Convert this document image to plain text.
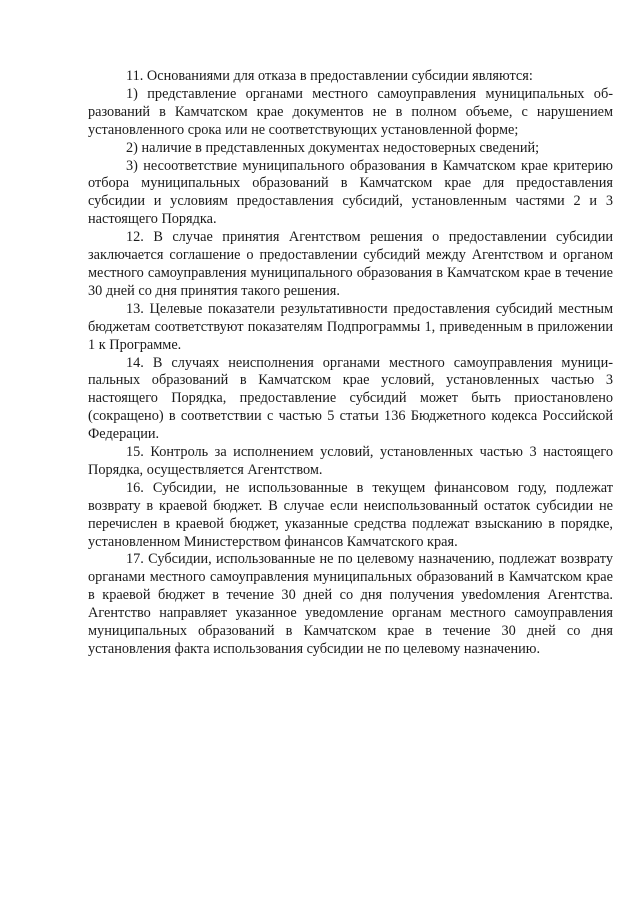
11. Основаниями для отказа в предоставлении субсидии являются:

1) представление органами местного самоуправления муниципальных образований в Камчатском крае документов не в полном объеме, с нарушением установленного срока или не соответствующих установленной форме;

2) наличие в представленных документах недостоверных сведений;

3) несоответствие муниципального образования в Камчатском крае критерию отбора муниципальных образований в Камчатском крае для предоставления субсидии и условиям предоставления субсидий, установленным частями 2 и 3 настоящего Порядка.

12. В случае принятия Агентством решения о предоставлении субсидии заключается соглашение о предоставлении субсидий между Агентством и органом местного самоуправления муниципального образования в Камчатском крае в течение 30 дней со дня принятия такого решения.

13. Целевые показатели результативности предоставления субсидий местным бюджетам соответствуют показателям Подпрограммы 1, приведенным в приложении 1 к Программе.

14. В случаях неисполнения органами местного самоуправления муниципальных образований в Камчатском крае условий, установленных частью 3 настоящего Порядка, предоставление субсидий может быть приостановлено (сокращено) в соответствии с частью 5 статьи 136 Бюджетного кодекса Российской Федерации.

15. Контроль за исполнением условий, установленных частью 3 настоящего Порядка, осуществляется Агентством.

16. Субсидии, не использованные в текущем финансовом году, подлежат возврату в краевой бюджет. В случае если неиспользованный остаток субсидии не перечислен в краевой бюджет, указанные средства подлежат взысканию в порядке, установленном Министерством финансов Камчатского края.

17. Субсидии, использованные не по целевому назначению, подлежат возврату органами местного самоуправления муниципальных образований в Камчатском крае в краевой бюджет в течение 30 дней со дня получения увеdомления Агентства. Агентство направляет указанное уведомление органам местного самоуправления муниципальных образований в Камчатском крае в течение 30 дней со дня установления факта использования субсидии не по целевому назначению.
